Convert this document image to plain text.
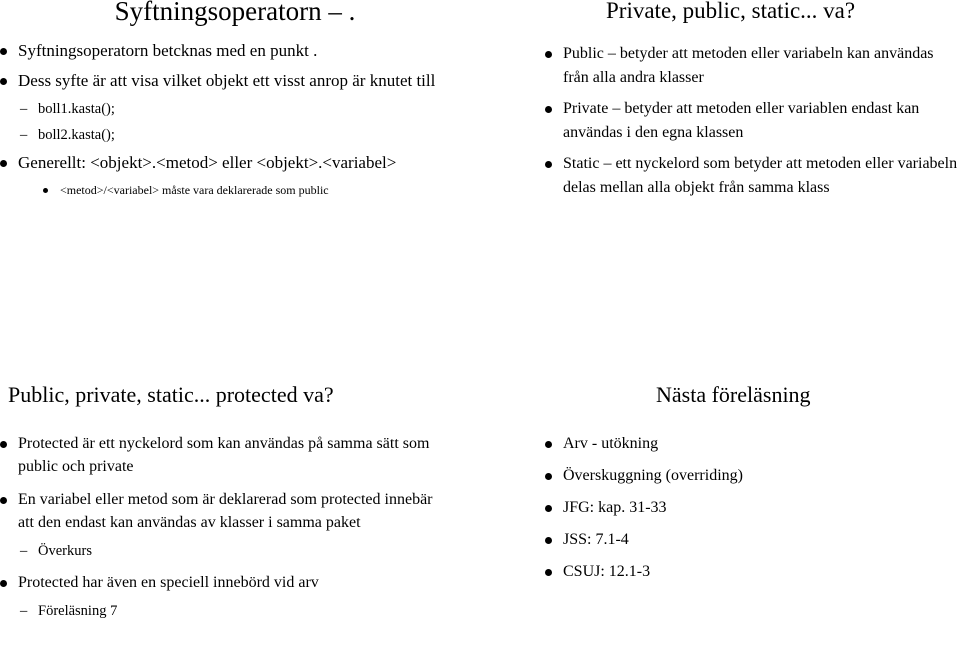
Syftningsoperatorn – .
Syftningsoperatorn betcknas med en punkt .
Dess syfte är att visa vilket objekt ett visst anrop är knutet till
– boll1.kasta();
– boll2.kasta();
Generellt: <objekt>.<metod> eller <objekt>.<variabel>
<metod>/<variabel> måste vara deklarerade som public
Private, public, static... va?
Public – betyder att metoden eller variabeln kan användas från alla andra klasser
Private – betyder att metoden eller variablen endast kan användas i den egna klassen
Static – ett nyckelord som betyder att metoden eller variabeln delas mellan alla objekt från samma klass
Public, private, static... protected va?
Protected är ett nyckelord som kan användas på samma sätt som public och private
En variabel eller metod som är deklarerad som protected innebär att den endast kan användas av klasser i samma paket
– Överkurs
Protected har även en speciell innebörd vid arv
– Föreläsning 7
Nästa föreläsning
Arv - utökning
Överskuggning (overriding)
JFG: kap. 31-33
JSS: 7.1-4
CSUJ: 12.1-3
